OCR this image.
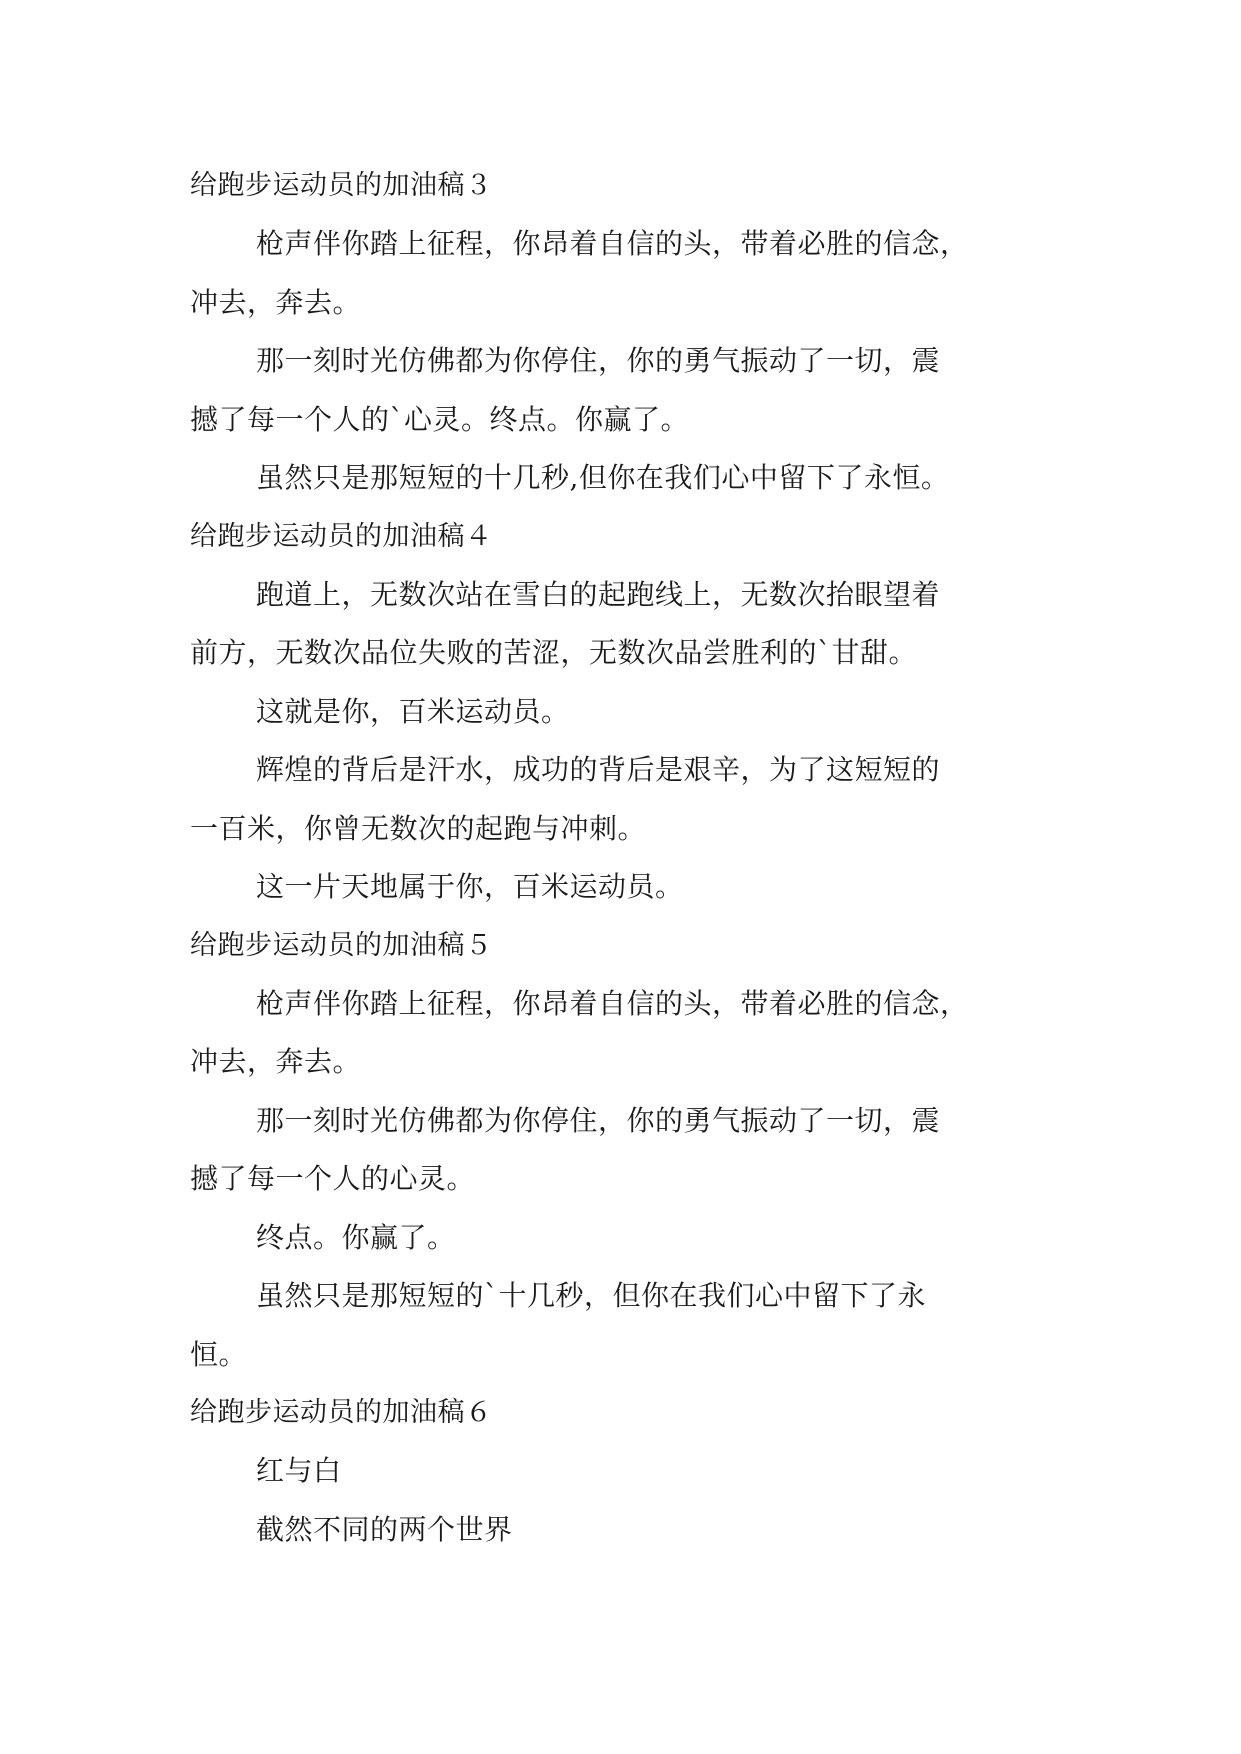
给跑步运动员的加油稿３
枪声伴你踏上征程，你昂着自信的头，带着必胜的信念，
冲去，奔去。
那一刻时光仿佛都为你停住，你的勇气振动了一切，震
撼了每一个人的`心灵。终点。你赢了。
虽然只是那短短的十几秒,但你在我们心中留下了永恒。
给跑步运动员的加油稿４
跑道上，无数次站在雪白的起跑线上，无数次抬眼望着
前方，无数次品位失败的苦涩，无数次品尝胜利的`甘甜。
这就是你，百米运动员。
辉煌的背后是汗水，成功的背后是艰辛，为了这短短的
一百米，你曾无数次的起跑与冲刺。
这一片天地属于你，百米运动员。
给跑步运动员的加油稿５
枪声伴你踏上征程，你昂着自信的头，带着必胜的信念，
冲去，奔去。
那一刻时光仿佛都为你停住，你的勇气振动了一切，震
撼了每一个人的心灵。
终点。你赢了。
虽然只是那短短的`十几秒，但你在我们心中留下了永
恒。
给跑步运动员的加油稿６
红与白
截然不同的两个世界
